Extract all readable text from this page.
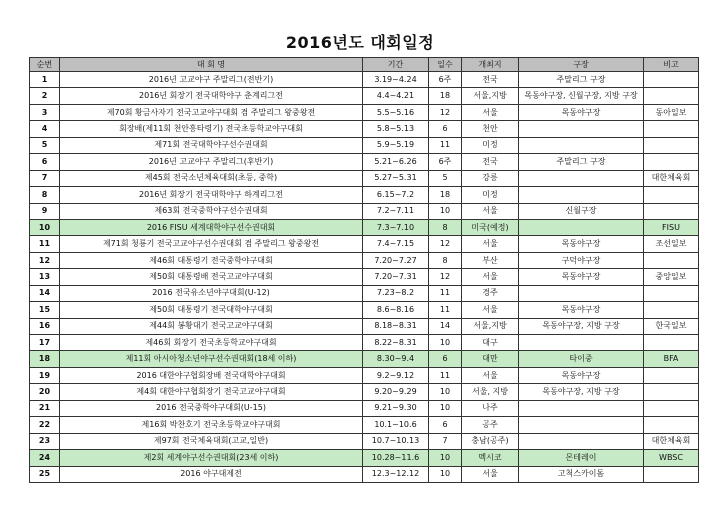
2016년도 대회일정
순번	대 회 명	기간	일수	개최지	구장	비고
1	2016년 고교야구 주말리그(전반기)	3.19~4.24	6주	전국	주말리그 구장	
2	2016년 회장기 전국대학야구 춘계리그전	4.4~4.21	18	서울,지방	목동야구장, 신월구장, 지방 구장	
3	제70회 황금사자기 전국고교야구대회 겸 주말리그 왕중왕전	5.5~5.16	12	서울	목동야구장	동아일보
4	회장배(제11회 천안흥타령기) 전국초등학교야구대회	5.8~5.13	6	천안		
5	제71회 전국대학야구선수권대회	5.9~5.19	11	미정		
6	2016년 고교야구 주말리그(후반기)	5.21~6.26	6주	전국	주말리그 구장	
7	제45회 전국소년체육대회(초등, 중학)	5.27~5.31	5	강릉		대한체육회
8	2016년 회장기 전국대학야구 하계리그전	6.15~7.2	18	미정		
9	제63회 전국중학야구선수권대회	7.2~7.11	10	서울	신월구장	
10	2016 FISU 세계대학야구선수권대회	7.3~7.10	8	미국(예정)		FISU
11	제71회 청룡기 전국고교야구선수권대회 겸 주말리그 왕중왕전	7.4~7.15	12	서울	목동야구장	조선일보
12	제46회 대통령기 전국중학야구대회	7.20~7.27	8	부산	구덕야구장	
13	제50회 대통령배 전국고교야구대회	7.20~7.31	12	서울	목동야구장	중앙일보
14	2016 전국유소년야구대회(U-12)	7.23~8.2	11	경주		
15	제50회 대통령기 전국대학야구대회	8.6~8.16	11	서울	목동야구장	
16	제44회 봉황대기 전국고교야구대회	8.18~8.31	14	서울,지방	목동야구장, 지방 구장	한국일보
17	제46회 회장기 전국초등학교야구대회	8.22~8.31	10	대구		
18	제11회 아시아청소년야구선수권대회(18세 이하)	8.30~9.4	6	대만	타이중	BFA
19	2016 대한야구협회장배 전국대학야구대회	9.2~9.12	11	서울	목동야구장	
20	제4회 대한야구협회장기 전국고교야구대회	9.20~9.29	10	서울, 지방	목동야구장, 지방 구장	
21	2016 전국중학야구대회(U-15)	9.21~9.30	10	나주		
22	제16회 박찬호기 전국초등학교야구대회	10.1~10.6	6	공주		
23	제97회 전국체육대회(고교,일반)	10.7~10.13	7	충남(공주)		대한체육회
24	제2회 세계야구선수권대회(23세 이하)	10.28~11.6	10	멕시코	몬테레이	WBSC
25	2016 야구대제전	12.3~12.12	10	서울	고척스카이돔	
